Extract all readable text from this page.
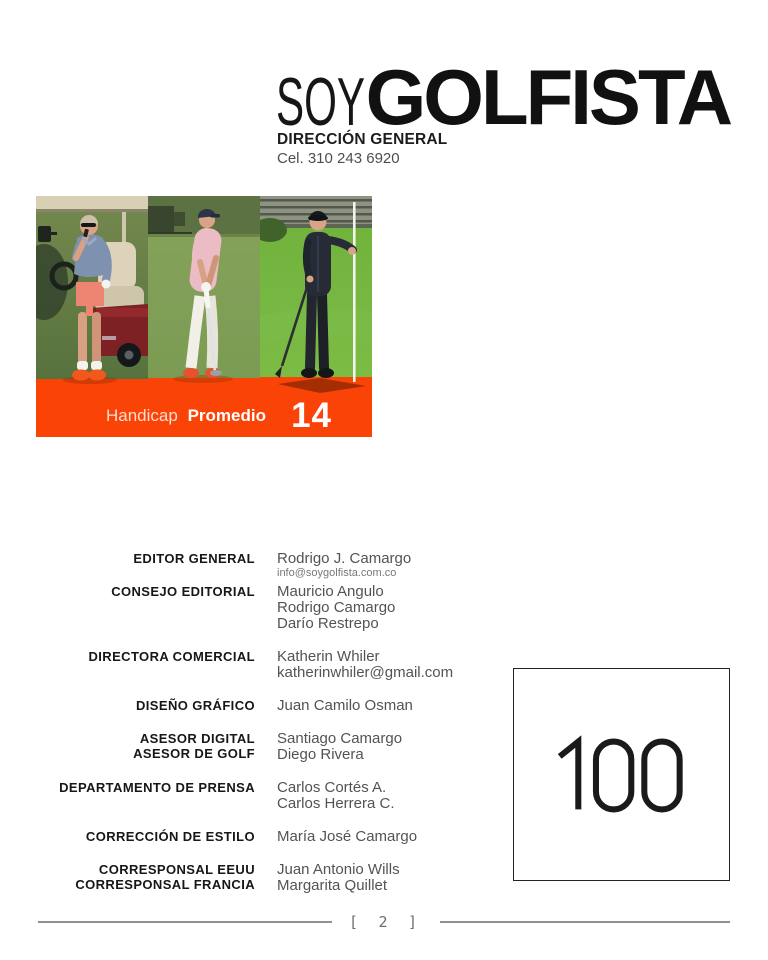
SOY GOLFISTA
DIRECCIÓN GENERAL
Cel. 310 243 6920
Handicap Promedio 14
EDITOR GENERAL Rodrigo J. Camargo
info@soygolfista.com.co
CONSEJO EDITORIAL Mauricio Angulo
Rodrigo Camargo
Darío Restrepo
DIRECTORA COMERCIAL Katherin Whiler
katherinwhiler@gmail.com
DISEÑO GRÁFICO Juan Camilo Osman
ASESOR DIGITAL
ASESOR DE GOLF
Santiago Camargo
Diego Rivera
DEPARTAMENTO DE PRENSA Carlos Cortés A.
Carlos Herrera C.
CORRECCIÓN DE ESTILO María José Camargo
CORRESPONSAL EEUU
CORRESPONSAL FRANCIA
Juan Antonio Wills
Margarita Quillet
[ 2 ]
